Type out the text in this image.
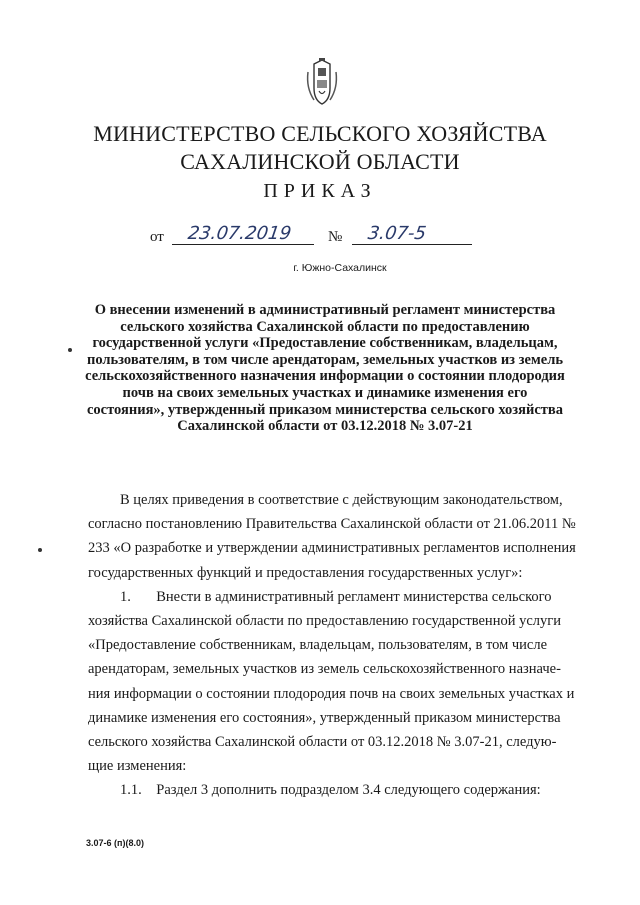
МИНИСТЕРСТВО СЕЛЬСКОГО ХОЗЯЙСТВА
САХАЛИНСКОЙ ОБЛАСТИ
ПРИКАЗ
от 23.07.2019 № 3.07-5
г. Южно-Сахалинск
О внесении изменений в административный регламент министерства
сельского хозяйства Сахалинской области по предоставлению
государственной услуги «Предоставление собственникам, владельцам,
пользователям, в том числе арендаторам, земельных участков из земель
сельскохозяйственного назначения информации о состоянии плодородия
почв на своих земельных участках и динамике изменения его
состояния», утвержденный приказом министерства сельского хозяйства
Сахалинской области от 03.12.2018 № 3.07-21
В целях приведения в соответствие с действующим законодательством,
согласно постановлению Правительства Сахалинской области от 21.06.2011 №
233 «О разработке и утверждении административных регламентов исполнения
государственных функций и предоставления государственных услуг»:
1.       Внести в административный регламент министерства сельского
хозяйства Сахалинской области по предоставлению государственной услуги
«Предоставление собственникам, владельцам, пользователям, в том числе
арендаторам, земельных участков из земель сельскохозяйственного назначе-
ния информации о состоянии плодородия почв на своих земельных участках и
динамике изменения его состояния», утвержденный приказом министерства
сельского хозяйства Сахалинской области от 03.12.2018 № 3.07-21, следую-
щие изменения:
1.1.    Раздел 3 дополнить подразделом 3.4 следующего содержания:
3.07-6 (п)(8.0)
